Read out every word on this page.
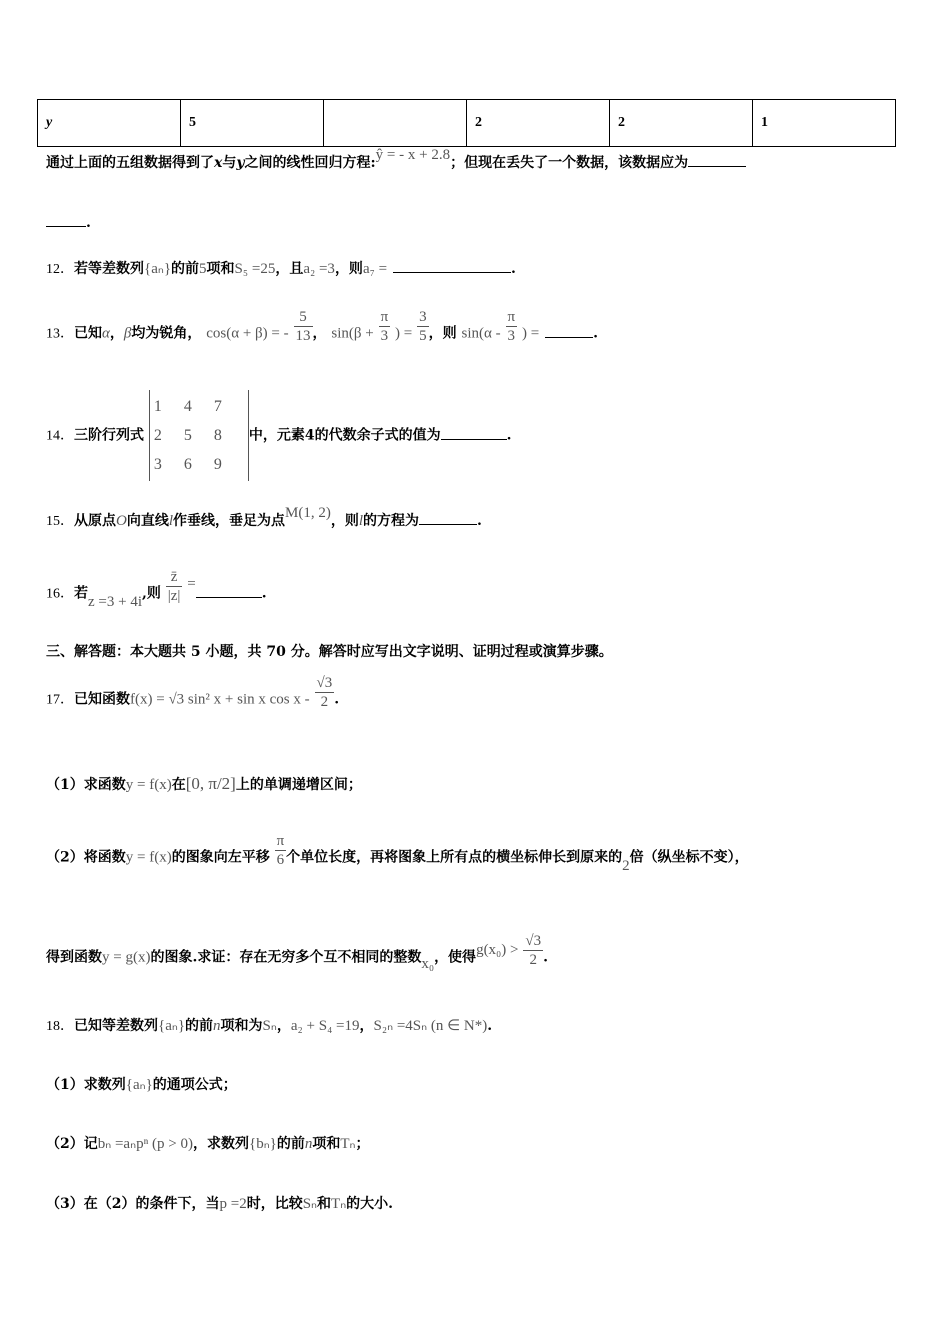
y	5		2	2	1
通过上面的五组数据得到了x与y之间的线性回归方程:ŷ = - x + 2.8；但现在丢失了一个数据，该数据应为
.
12．若等差数列{aₙ}的前5项和S₅ =25，且a₂ =3，则a₇ =	.
13．已知α，β均为锐角， cos(α + β) = - $\frac{5}{13}$ ， $\sin(\beta + \frac{\pi}{3}$ ) = $\frac{3}{5}$ ，则 $\sin(\alpha - \frac{\pi}{3}$ ) =	.
14．三阶行列式 1 4 7
2 5 8
3 6 9中，元素4的代数余子式的值为	.
15．从原点O向直线l作垂线，垂足为点M(1, 2)，则l的方程为	.
16．若z =3 + 4i,则 $\frac{z̄}{|z|}$ =.
三、解答题：本大题共 5 小题，共 70 分。解答时应写出文字说明、证明过程或演算步骤。
17．已知函数f(x) = √3 sin² x + sin x cos x - $\frac{√3}{2}$ .
（1）求函数y = f(x)在[0, π/2]上的单调递增区间；
（2）将函数y = f(x)的图象向左平移 $\frac{\pi}{6}$ 个单位长度，再将图象上所有点的横坐标伸长到原来的2倍（纵坐标不变），
得到函数y = g(x)的图象.求证：存在无穷多个互不相同的整数x₀，使得$g(x_0) > \frac{√3}{2}$ .
18．已知等差数列{aₙ}的前n项和为Sₙ，a₂ + S₄ =19，S₂ₙ =4Sₙ (n ∈ N*).
（1）求数列{aₙ}的通项公式；
（2）记bₙ =aₙpⁿ (p > 0)，求数列{bₙ}的前n项和Tₙ；
（3）在（2）的条件下，当p =2时，比较Sₙ和Tₙ的大小.
